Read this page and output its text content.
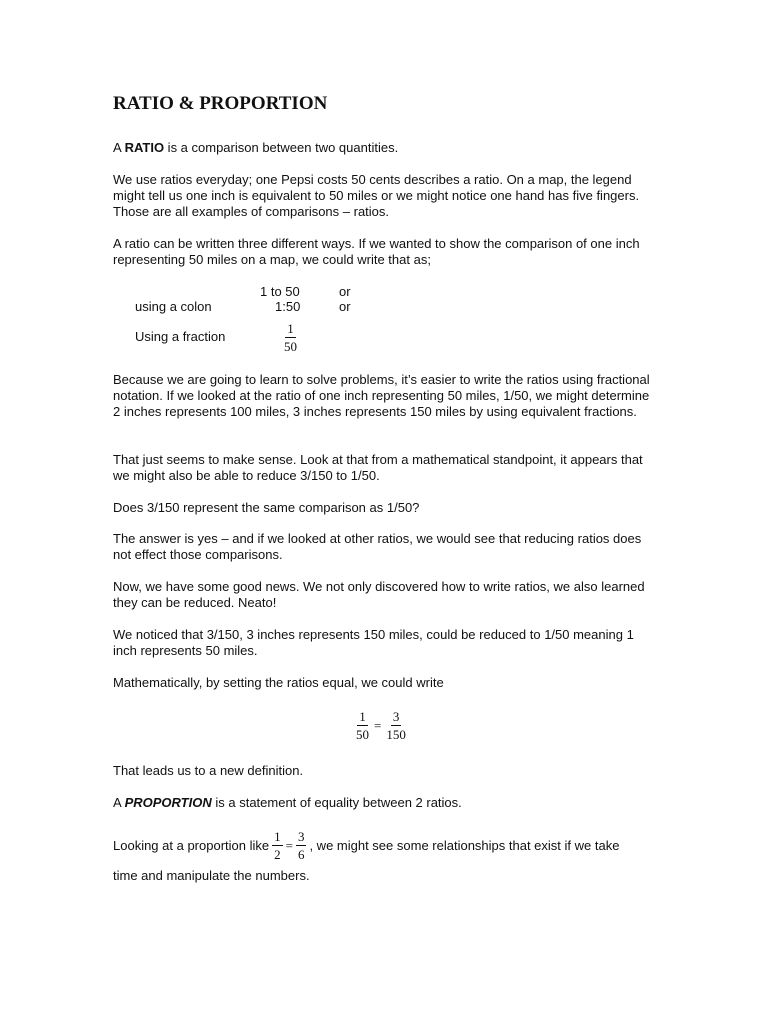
RATIO & PROPORTION

A RATIO is a comparison between two quantities.

We use ratios everyday; one Pepsi costs 50 cents describes a ratio. On a map, the legend might tell us one inch is equivalent to 50 miles or we might notice one hand has five fingers. Those are all examples of comparisons – ratios.

A ratio can be written three different ways. If we wanted to show the comparison of one inch representing 50 miles on a map, we could write that as;

using a colon
1 to 50
1:50
or
or
Using a fraction	$\frac{1}{50}$

Because we are going to learn to solve problems, it’s easier to write the ratios using fractional notation. If we looked at the ratio of one inch representing 50 miles, 1/50, we might determine 2 inches represents 100 miles, 3 inches represents 150 miles by using equivalent fractions.

That just seems to make sense. Look at that from a mathematical standpoint, it appears that we might also be able to reduce 3/150 to 1/50.

Does 3/150 represent the same comparison as 1/50?

The answer is yes – and if we looked at other ratios, we would see that reducing ratios does not effect those comparisons.

Now, we have some good news. We not only discovered how to write ratios, we also learned they can be reduced. Neato!

We noticed that 3/150, 3 inches represents 150 miles, could be reduced to 1/50 meaning 1 inch represents 50 miles.

Mathematically, by setting the ratios equal, we could write

$\frac{1}{50} = \frac{3}{150}$

That leads us to a new definition.

A PROPORTION is a statement of equality between 2 ratios.

Looking at a proportion like $\frac{1}{2} = \frac{3}{6}$ , we might see some relationships that exist if we take

time and manipulate the numbers.
